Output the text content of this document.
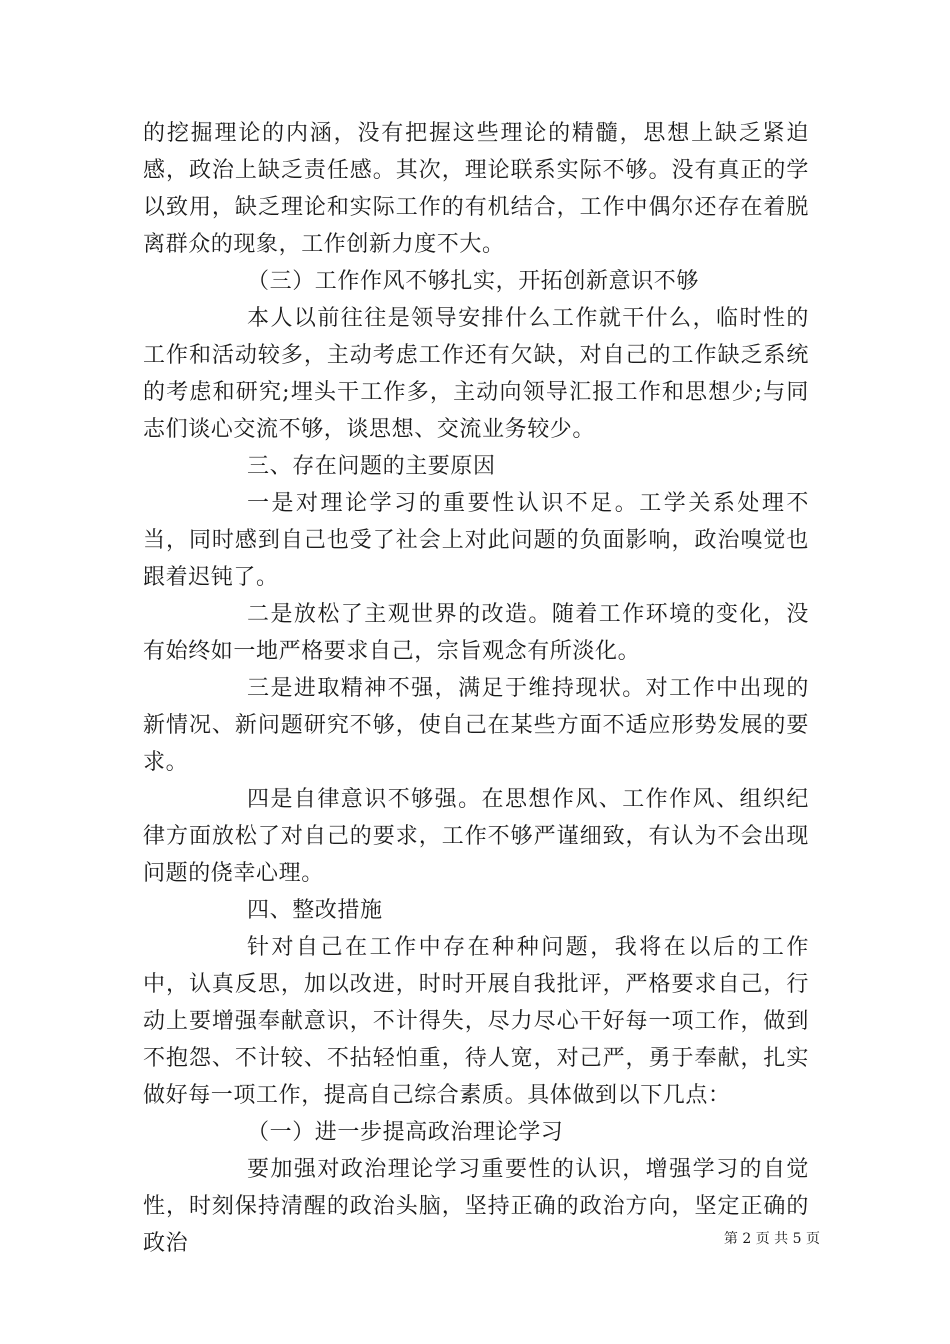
的挖掘理论的内涵，没有把握这些理论的精髓，思想上缺乏紧迫感，政治上缺乏责任感。其次，理论联系实际不够。没有真正的学以致用，缺乏理论和实际工作的有机结合，工作中偶尔还存在着脱离群众的现象，工作创新力度不大。

（三）工作作风不够扎实，开拓创新意识不够

本人以前往往是领导安排什么工作就干什么，临时性的工作和活动较多，主动考虑工作还有欠缺，对自己的工作缺乏系统的考虑和研究;埋头干工作多，主动向领导汇报工作和思想少;与同志们谈心交流不够，谈思想、交流业务较少。

三、存在问题的主要原因

一是对理论学习的重要性认识不足。工学关系处理不当，同时感到自己也受了社会上对此问题的负面影响，政治嗅觉也跟着迟钝了。

二是放松了主观世界的改造。随着工作环境的变化，没有始终如一地严格要求自己，宗旨观念有所淡化。

三是进取精神不强，满足于维持现状。对工作中出现的新情况、新问题研究不够，使自己在某些方面不适应形势发展的要求。

四是自律意识不够强。在思想作风、工作作风、组织纪律方面放松了对自己的要求，工作不够严谨细致，有认为不会出现问题的侥幸心理。

四、整改措施

针对自己在工作中存在种种问题，我将在以后的工作中，认真反思，加以改进，时时开展自我批评，严格要求自己，行动上要增强奉献意识，不计得失，尽力尽心干好每一项工作，做到不抱怨、不计较、不拈轻怕重，待人宽，对己严，勇于奉献，扎实做好每一项工作，提高自己综合素质。具体做到以下几点：

（一）进一步提高政治理论学习

要加强对政治理论学习重要性的认识，增强学习的自觉性，时刻保持清醒的政治头脑，坚持正确的政治方向，坚定正确的政治	第 2 页 共 5 页
